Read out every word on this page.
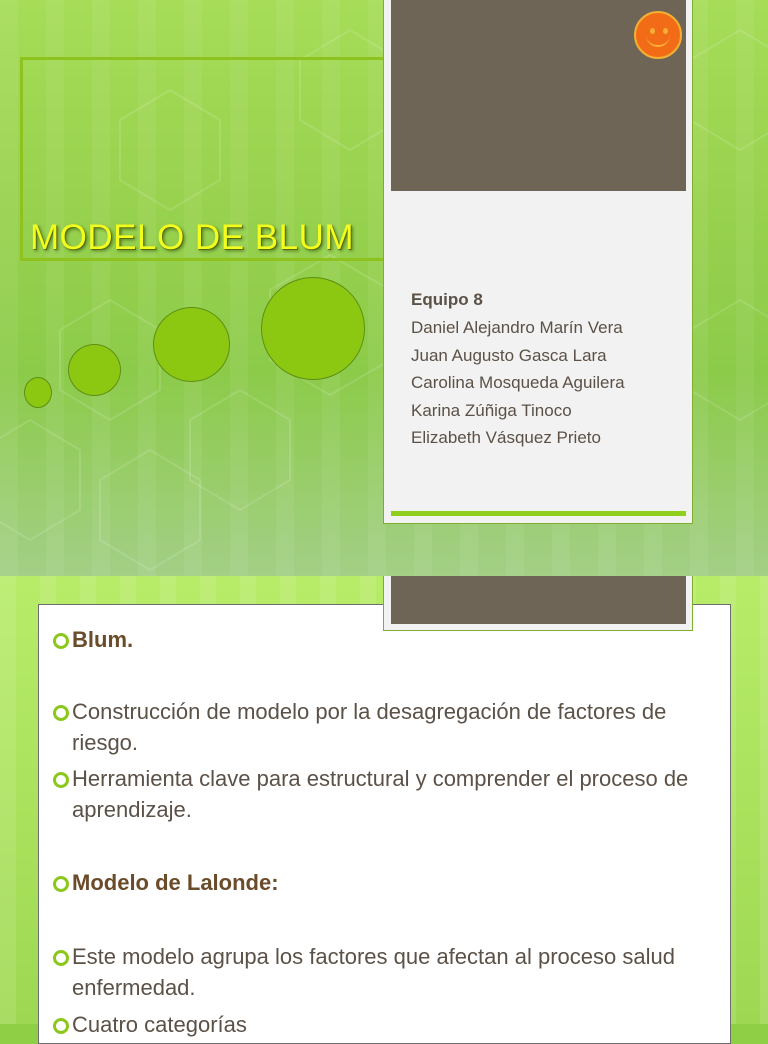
MODELO DE BLUM

Equipo 8

Daniel Alejandro Marín Vera
Juan Augusto Gasca Lara
Carolina Mosqueda Aguilera
Karina Zúñiga Tinoco
Elizabeth Vásquez Prieto
Blum.
Construcción de modelo por la desagregación de factores de riesgo.
Herramienta clave para estructural y comprender el proceso de aprendizaje.
Modelo de Lalonde:
Este modelo agrupa los factores que afectan al proceso salud enfermedad.
Cuatro categorías
